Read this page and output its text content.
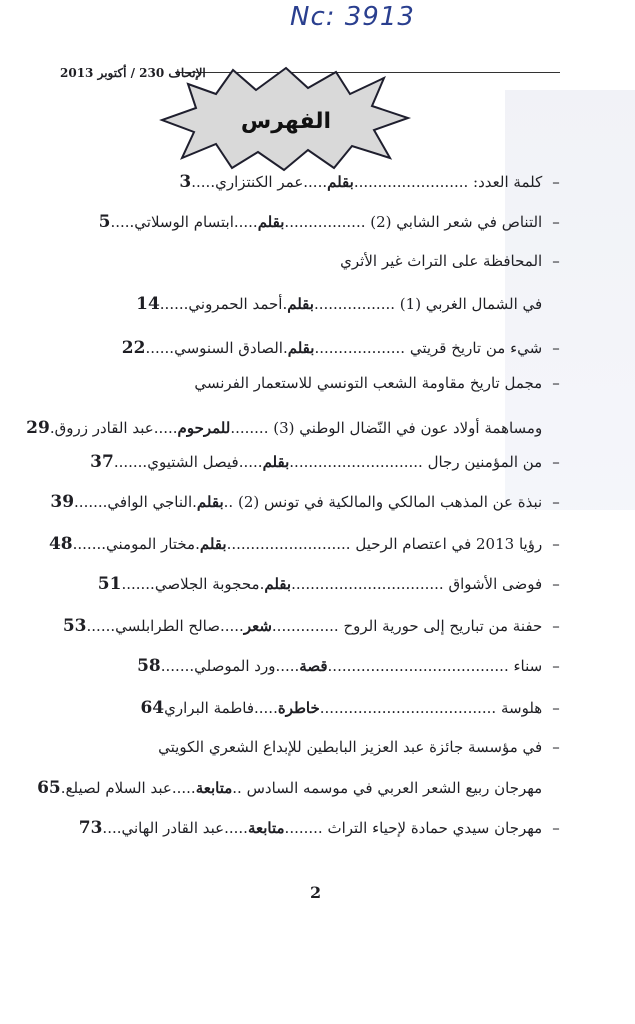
Nc: 3913
الإتحاف 230 / أكتوبر 2013
الفهرس
– كلمة العدد: ........................بقلم.....عمر الكنتزاري.....3
– التناص في شعر الشابي (2) .................بقلم.....ابتسام الوسلاتي.....5
– المحافظة على التراث غير الأثري
في الشمال الغربي (1) .................بقلم.أحمد الحمروني......14
– شيء من تاريخ قريتي ...................بقلم.الصادق السنوسي......22
– مجمل تاريخ مقاومة الشعب التونسي للاستعمار الفرنسي
ومساهمة أولاد عون في النّضال الوطني (3) ........للمرحوم.....عبد القادر زروق.29
– من المؤمنين رجال ............................بقلم.....فيصل الشتيوي.......37
– نبذة عن المذهب المالكي والمالكية في تونس (2) ..بقلم.الناجي الوافي.......39
– رؤيا 2013 في اعتصام الرحيل ..........................بقلم.مختار المومني.......48
– فوضى الأشواق ................................بقلم.محجوبة الجلاصي.......51
– حفنة من تباريح إلى حورية الروح ..............شعر.....صالح الطرابلسي......53
– سناء ......................................قصة.....ورد الموصلي.......58
– هلوسة .....................................خاطرة.....فاطمة البراري64
– في مؤسسة جائزة عبد العزيز البابطين للإبداع الشعري الكويتي
مهرجان ربيع الشعر العربي في موسمه السادس ..متابعة.....عبد السلام لصيلع.65
– مهرجان سيدي حمادة لإحياء التراث ........متابعة.....عبد القادر الهاني....73
2
